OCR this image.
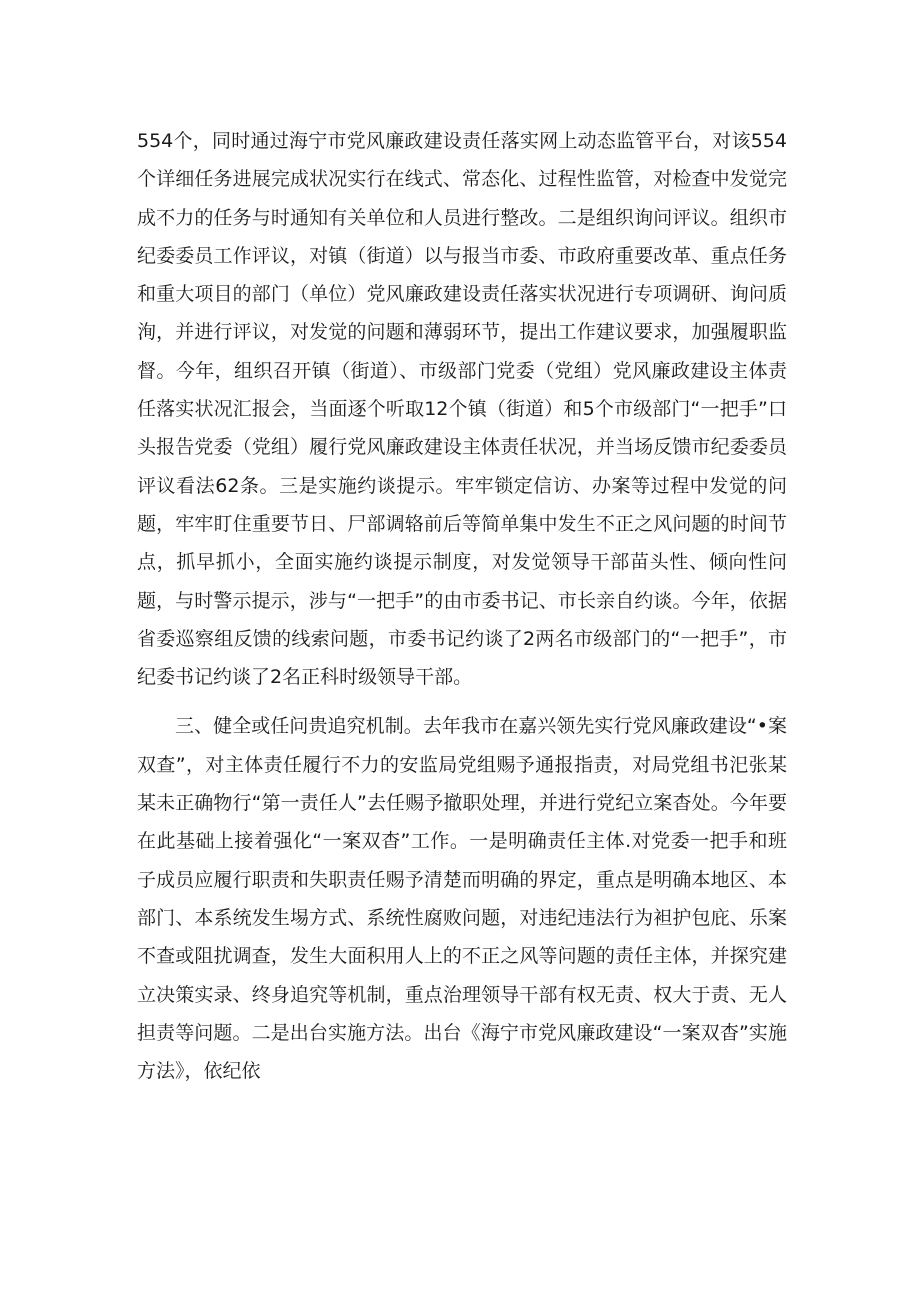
554个，同时通过海宁市党风廉政建设责任落实网上动态监管平台，对该554个详细任务进展完成状况实行在线式、常态化、过程性监管，对检查中发觉完成不力的任务与时通知有关单位和人员进行整改。二是组织询问评议。组织市纪委委员工作评议，对镇（街道）以与报当市委、市政府重要改革、重点任务和重大项目的部门（单位）党风廉政建设责任落实状况进行专项调研、询问质洵，并进行评议，对发觉的问题和薄弱环节，提出工作建议要求，加强履职监督。今年，组织召开镇（街道）、市级部门党委（党组）党风廉政建设主体责任落实状况汇报会，当面逐个听取12个镇（街道）和5个市级部门“一把手”口头报告党委（党组）履行党风廉政建设主体责任状况，并当场反馈市纪委委员评议看法62条。三是实施约谈提示。牢牢锁定信访、办案等过程中发觉的问题，牢牢盯住重要节日、尸部调辂前后等简单集中发生不正之风问题的时间节点，抓早抓小，全面实施约谈提示制度，对发觉领导干部苗头性、倾向性问题，与时警示提示，涉与“一把手”的由市委书记、市长亲自约谈。今年，依据省委巡察组反馈的线索问题，市委书记约谈了2两名市级部门的“一把手”，市纪委书记约谈了2名正科时级领导干部。

三、健全或任问贵追究机制。去年我市在嘉兴领先实行党风廉政建设“•案双查”，对主体责任履行不力的安监局党组赐予通报指责，对局党组书汜张某某未正确物行“第一责任人”去任赐予撤职处理，并进行党纪立案杳处。今年要在此基础上接着强化“一案双杳”工作。一是明确责任主体.对党委一把手和班子成员应履行职责和失职责任赐予清楚而明确的界定，重点是明确本地区、本部门、本系统发生埸方式、系统性腐败问题，对违纪违法行为袒护包庇、乐案不查或阻扰调查，发生大面积用人上的不正之风等问题的责任主体，并探究建立决策实录、终身追究等机制，重点治理领导干部有权无责、权大于责、无人担责等问题。二是出台实施方法。出台《海宁市党风廉政建设“一案双杳”实施方法》，依纪依
